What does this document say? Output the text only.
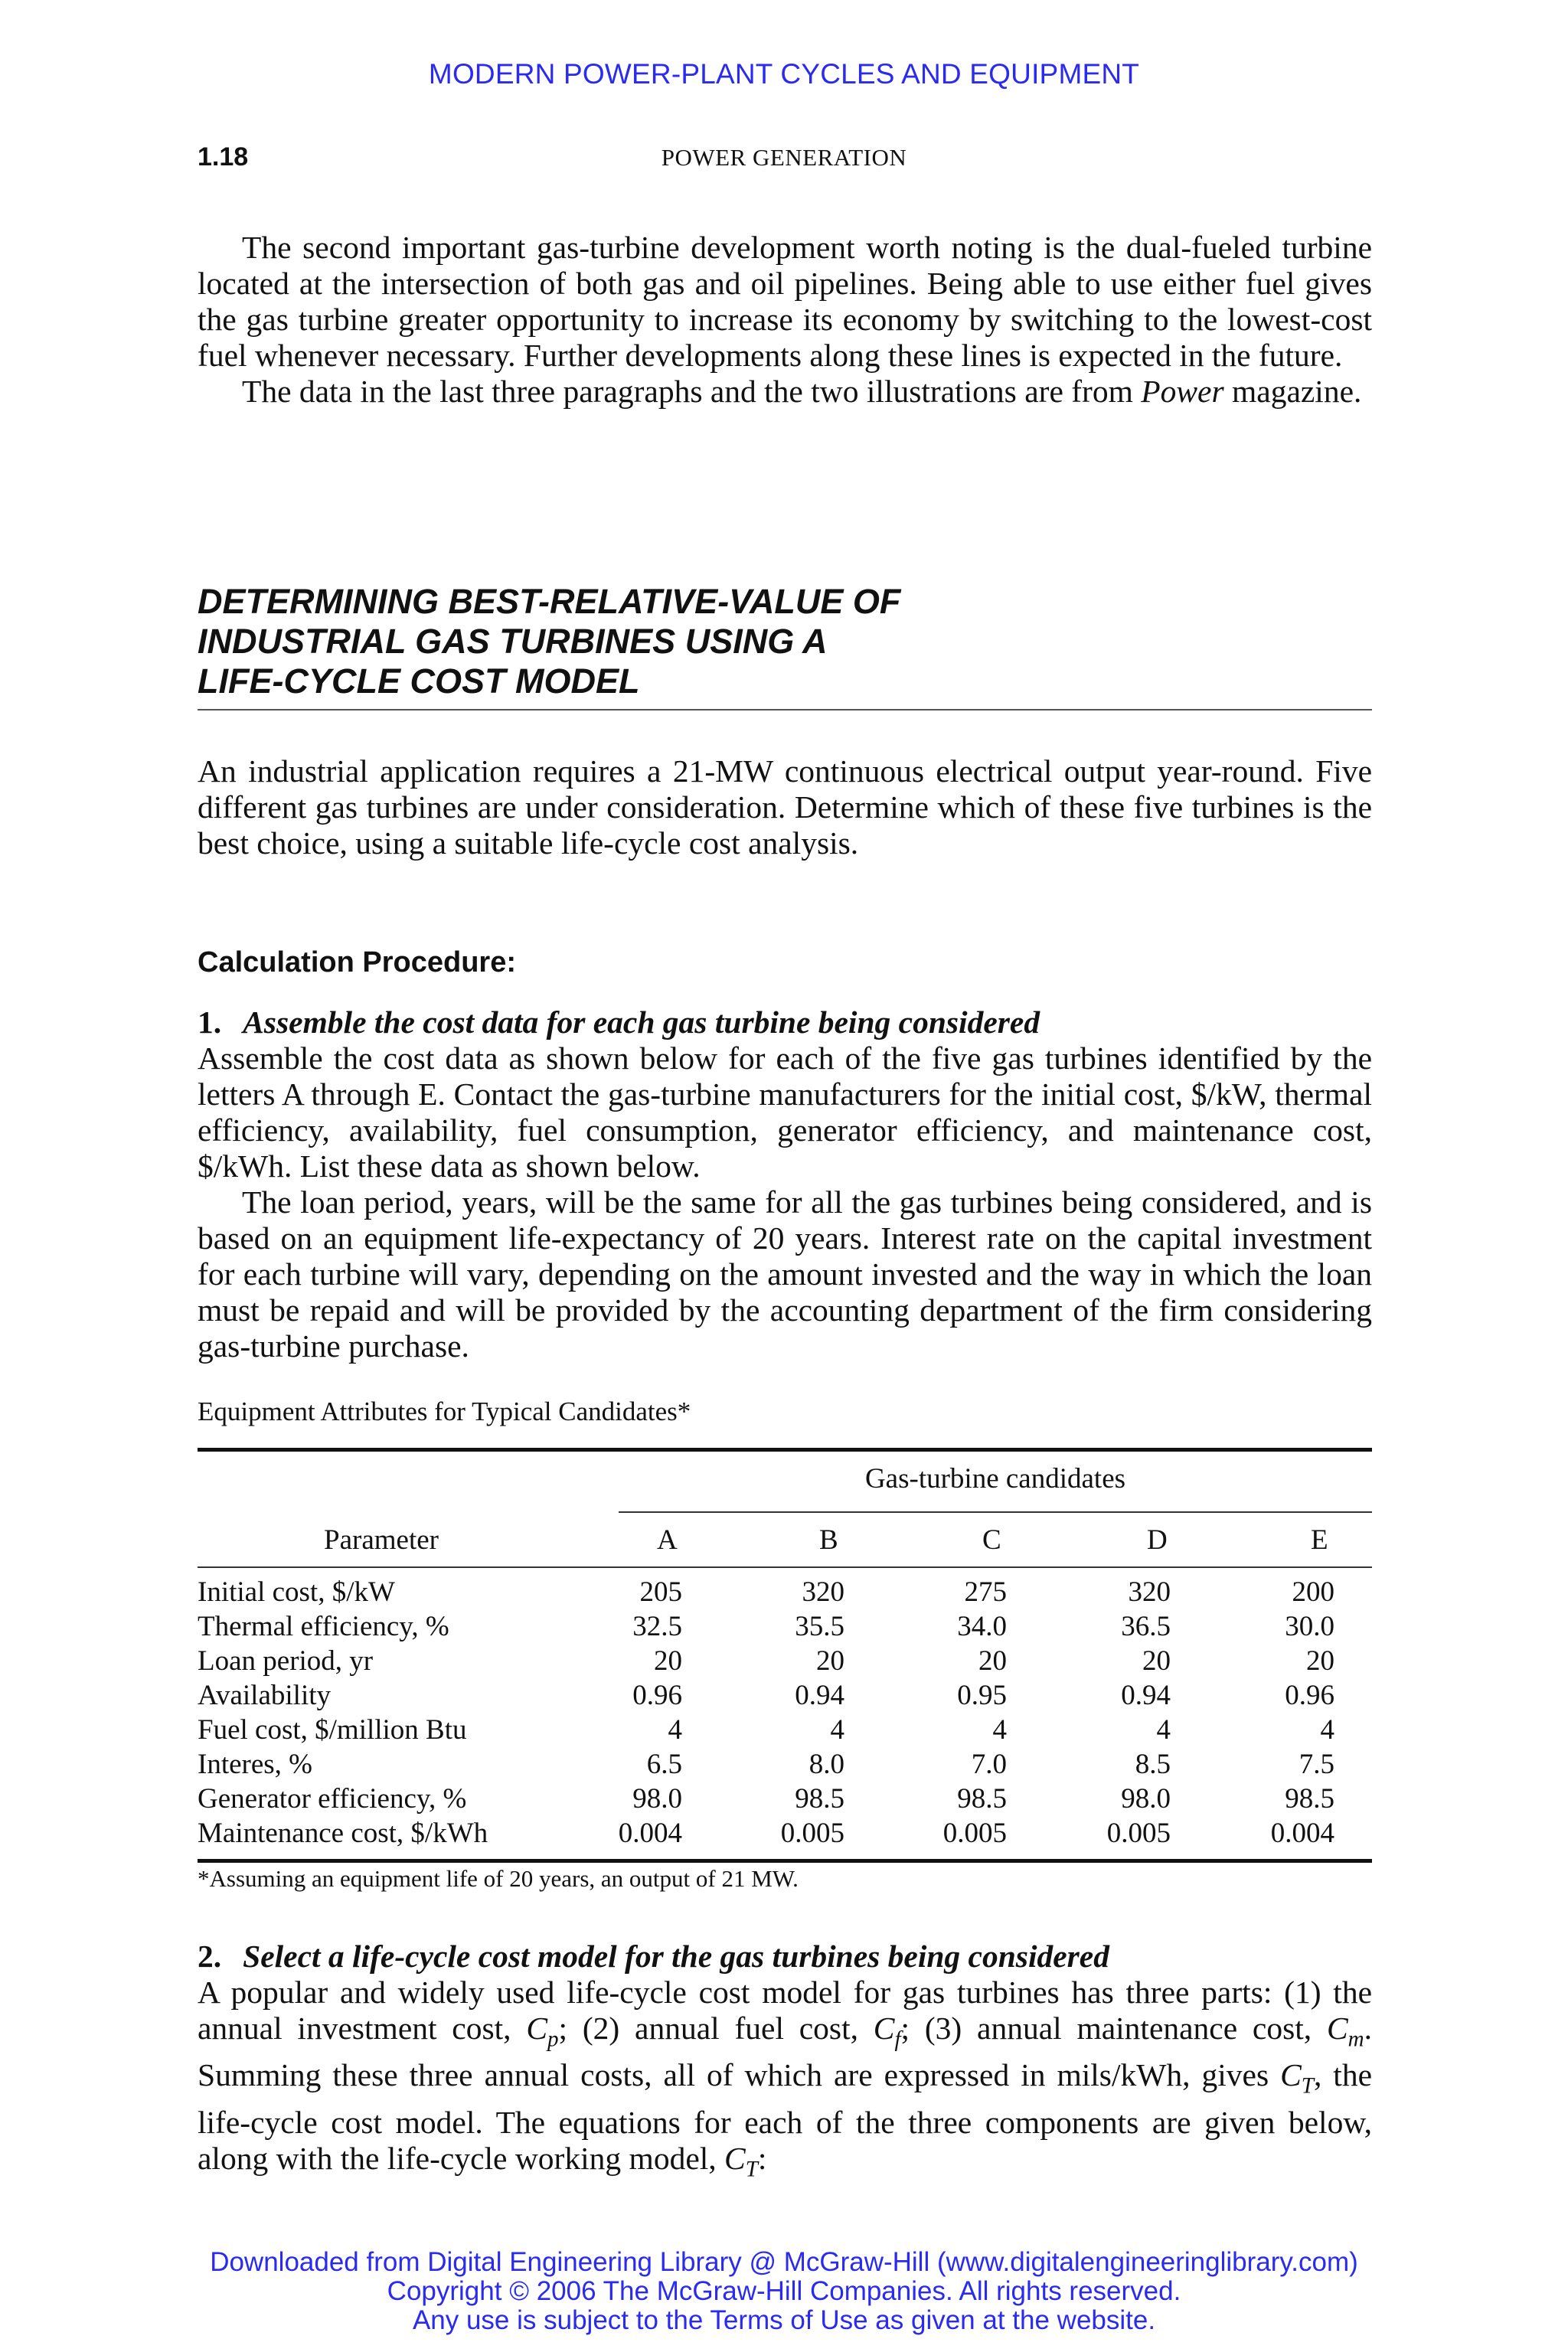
MODERN POWER-PLANT CYCLES AND EQUIPMENT
1.18	POWER GENERATION

The second important gas-turbine development worth noting is the dual-fueled turbine located at the intersection of both gas and oil pipelines. Being able to use either fuel gives the gas turbine greater opportunity to increase its economy by switching to the lowest-cost fuel whenever necessary. Further developments along these lines is expected in the future.

The data in the last three paragraphs and the two illustrations are from Power magazine.

DETERMINING BEST-RELATIVE-VALUE OF
INDUSTRIAL GAS TURBINES USING A
LIFE-CYCLE COST MODEL

An industrial application requires a 21-MW continuous electrical output year-round. Five different gas turbines are under consideration. Determine which of these five turbines is the best choice, using a suitable life-cycle cost analysis.

Calculation Procedure:

1. Assemble the cost data for each gas turbine being considered

Assemble the cost data as shown below for each of the five gas turbines identified by the letters A through E. Contact the gas-turbine manufacturers for the initial cost, $/kW, thermal efficiency, availability, fuel consumption, generator efficiency, and maintenance cost, $/kWh. List these data as shown below.

The loan period, years, will be the same for all the gas turbines being considered, and is based on an equipment life-expectancy of 20 years. Interest rate on the capital investment for each turbine will vary, depending on the amount invested and the way in which the loan must be repaid and will be provided by the accounting department of the firm considering gas-turbine purchase.

Equipment Attributes for Typical Candidates*
Gas-turbine candidates
Parameter	A	B	C	D	E
Initial cost, $/kW	205	320	275	320	200
Thermal efficiency, %	32.5	35.5	34.0	36.5	30.0
Loan period, yr	20	20	20	20	20
Availability	0.96	0.94	0.95	0.94	0.96
Fuel cost, $/million Btu	4	4	4	4	4
Interes, %	6.5	8.0	7.0	8.5	7.5
Generator efficiency, %	98.0	98.5	98.5	98.0	98.5
Maintenance cost, $/kWh	0.004	0.005	0.005	0.005	0.004
*Assuming an equipment life of 20 years, an output of 21 MW.

2. Select a life-cycle cost model for the gas turbines being considered

A popular and widely used life-cycle cost model for gas turbines has three parts: (1) the annual investment cost, $C_p$; (2) annual fuel cost, $C_f$; (3) annual maintenance cost, $C_m$. Summing these three annual costs, all of which are expressed in mils/kWh, gives $C_T$, the life-cycle cost model. The equations for each of the three components are given below, along with the life-cycle working model, $C_T$:

Downloaded from Digital Engineering Library @ McGraw-Hill (www.digitalengineeringlibrary.com)
Copyright © 2006 The McGraw-Hill Companies. All rights reserved.
Any use is subject to the Terms of Use as given at the website.
